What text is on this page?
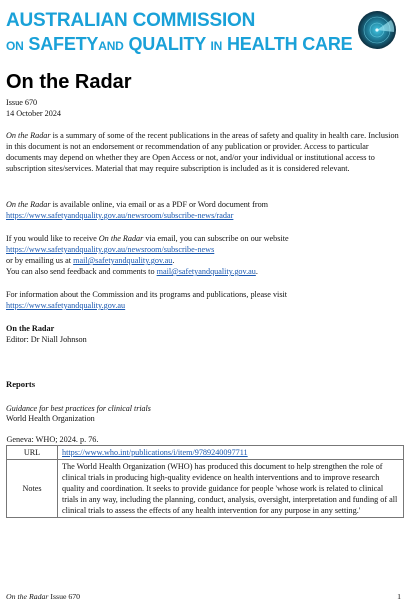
AUSTRALIAN COMMISSION
ON SAFETYAND QUALITY IN HEALTH CARE
On the Radar
Issue 670
14 October 2024

On the Radar is a summary of some of the recent publications in the areas of safety and quality in health care. Inclusion in this document is not an endorsement or recommendation of any publication or provider. Access to particular documents may depend on whether they are Open Access or not, and/or your individual or institutional access to subscription sites/services. Material that may require subscription is included as it is considered relevant.

On the Radar is available online, via email or as a PDF or Word document from

https://www.safetyandquality.gov.au/newsroom/subscribe-news/radar

If you would like to receive On the Radar via email, you can subscribe on our website

https://www.safetyandquality.gov.au/newsroom/subscribe-news

or by emailing us at mail@safetyandquality.gov.au.

You can also send feedback and comments to mail@safetyandquality.gov.au.

For information about the Commission and its programs and publications, please visit

https://www.safetyandquality.gov.au

On the Radar

Editor: Dr Niall Johnson

Reports
Guidance for best practices for clinical trials
World Health Organization
Geneva: WHO; 2024. p. 76.	
URL	https://www.who.int/publications/i/item/9789240097711
Notes	The World Health Organization (WHO) has produced this document to help strengthen the role of clinical trials in producing high-quality evidence on health interventions and to improve research quality and coordination. It seeks to provide guidance for people 'whose work is related to clinical trials in any way, including the planning, conduct, analysis, oversight, interpretation and funding of all clinical trials to assess the effects of any health intervention for any purpose in any setting.'
On the Radar Issue 670	1
